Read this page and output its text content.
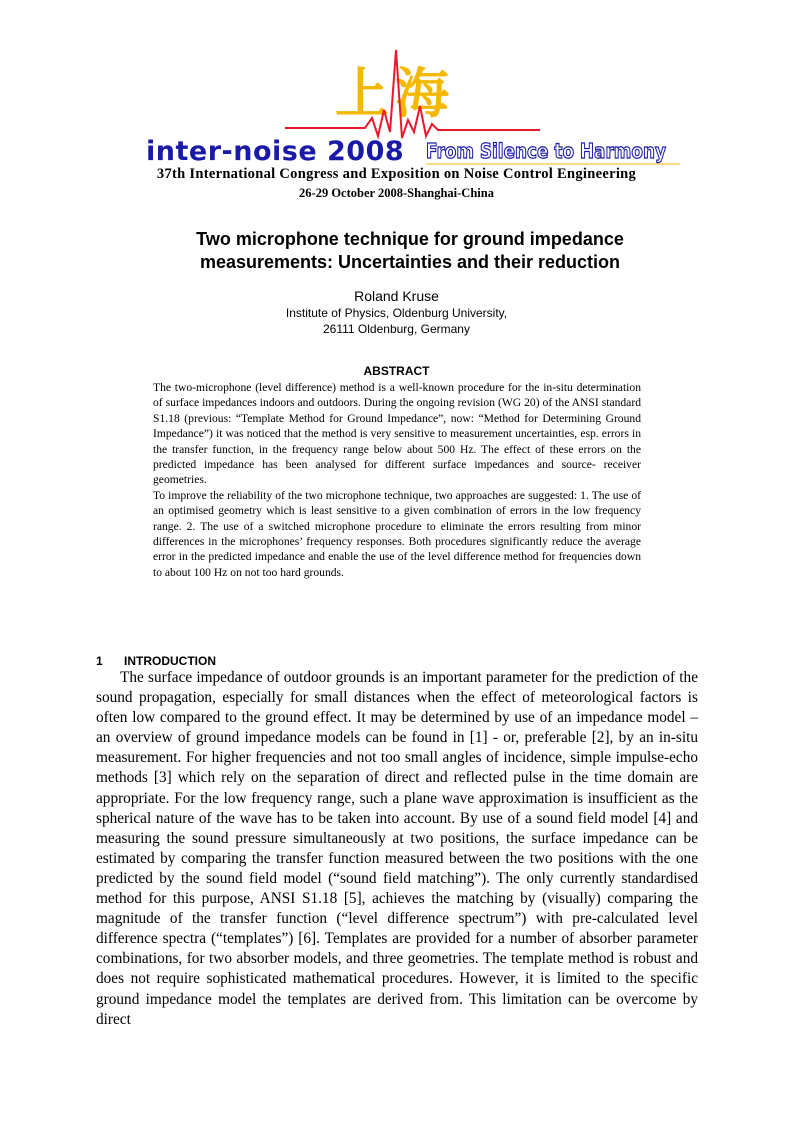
上海
inter-noise 2008 From Silence to Harmony
37th International Congress and Exposition on Noise Control Engineering
26-29 October 2008-Shanghai-China
Two microphone technique for ground impedance
measurements: Uncertainties and their reduction
Roland Kruse
Institute of Physics, Oldenburg University,
26111 Oldenburg, Germany
ABSTRACT

The two-microphone (level difference) method is a well-known procedure for the in-situ determination of surface impedances indoors and outdoors. During the ongoing revision (WG 20) of the ANSI standard S1.18 (previous: “Template Method for Ground Impedance”, now: “Method for Determining Ground Impedance”) it was noticed that the method is very sensitive to measurement uncertainties, esp. errors in the transfer function, in the frequency range below about 500 Hz. The effect of these errors on the predicted impedance has been analysed for different surface impedances and source- receiver geometries.

To improve the reliability of the two microphone technique, two approaches are suggested: 1. The use of an optimised geometry which is least sensitive to a given combination of errors in the low frequency range. 2. The use of a switched microphone procedure to eliminate the errors resulting from minor differences in the microphones’ frequency responses. Both procedures significantly reduce the average error in the predicted impedance and enable the use of the level difference method for frequencies down to about 100 Hz on not too hard grounds.

1 INTRODUCTION
The surface impedance of outdoor grounds is an important parameter for the prediction of the sound propagation, especially for small distances when the effect of meteorological factors is often low compared to the ground effect. It may be determined by use of an impedance model – an overview of ground impedance models can be found in [1] - or, preferable [2], by an in-situ measurement. For higher frequencies and not too small angles of incidence, simple impulse-echo methods [3] which rely on the separation of direct and reflected pulse in the time domain are appropriate. For the low frequency range, such a plane wave approximation is insufficient as the spherical nature of the wave has to be taken into account. By use of a sound field model [4] and measuring the sound pressure simultaneously at two positions, the surface impedance can be estimated by comparing the transfer function measured between the two positions with the one predicted by the sound field model (“sound field matching”). The only currently standardised method for this purpose, ANSI S1.18 [5], achieves the matching by (visually) comparing the magnitude of the transfer function (“level difference spectrum”) with pre-calculated level difference spectra (“templates”) [6]. Templates are provided for a number of absorber parameter combinations, for two absorber models, and three geometries. The template method is robust and does not require sophisticated mathematical procedures. However, it is limited to the specific ground impedance model the templates are derived from. This limitation can be overcome by direct
